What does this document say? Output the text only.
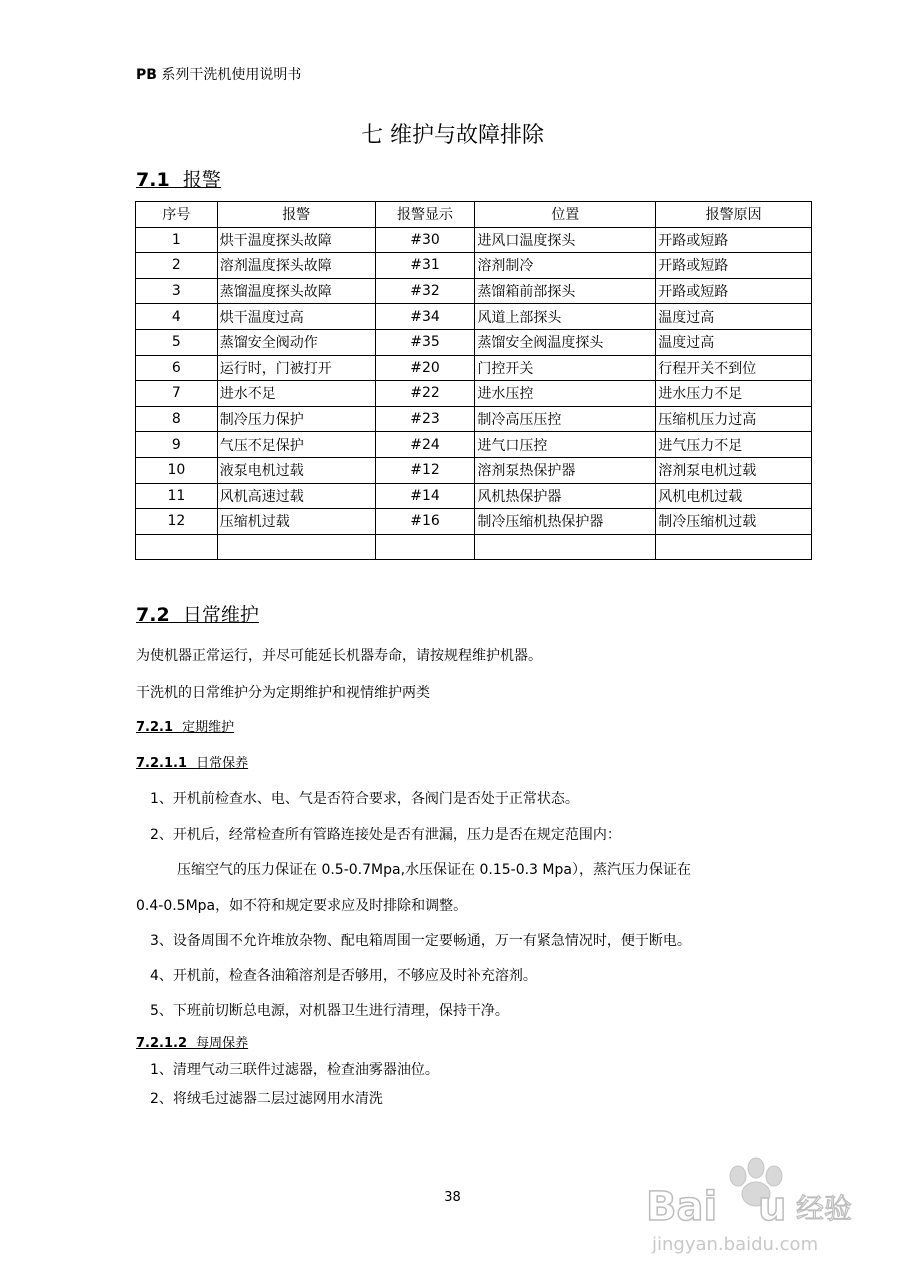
PB 系列干洗机使用说明书
七 维护与故障排除
7.1 报警
序号	报警	报警显示	位置	报警原因
1	烘干温度探头故障	#30	进风口温度探头	开路或短路
2	溶剂温度探头故障	#31	溶剂制冷	开路或短路
3	蒸馏温度探头故障	#32	蒸馏箱前部探头	开路或短路
4	烘干温度过高	#34	风道上部探头	温度过高
5	蒸馏安全阀动作	#35	蒸馏安全阀温度探头	温度过高
6	运行时，门被打开	#20	门控开关	行程开关不到位
7	进水不足	#22	进水压控	进水压力不足
8	制冷压力保护	#23	制冷高压压控	压缩机压力过高
9	气压不足保护	#24	进气口压控	进气压力不足
10	液泵电机过载	#12	溶剂泵热保护器	溶剂泵电机过载
11	风机高速过载	#14	风机热保护器	风机电机过载
12	压缩机过载	#16	制冷压缩机热保护器	制冷压缩机过载

7.2 日常维护
为使机器正常运行，并尽可能延长机器寿命，请按规程维护机器。
干洗机的日常维护分为定期维护和视情维护两类
7.2.1 定期维护
7.2.1.1 日常保养
1、开机前检查水、电、气是否符合要求，各阀门是否处于正常状态。
2、开机后，经常检查所有管路连接处是否有泄漏，压力是否在规定范围内：
压缩空气的压力保证在 0.5-0.7Mpa,水压保证在 0.15-0.3 Mpa），蒸汽压力保证在
0.4-0.5Mpa，如不符和规定要求应及时排除和调整。
3、设备周围不允许堆放杂物、配电箱周围一定要畅通，万一有紧急情况时，便于断电。
4、开机前，检查各油箱溶剂是否够用，不够应及时补充溶剂。
5、下班前切断总电源，对机器卫生进行清理，保持干净。
7.2.1.2 每周保养
1、清理气动三联件过滤器，检查油雾器油位。
2、将绒毛过滤器二层过滤网用水清洗
38	Bai u 经验
jingyan.baidu.com
